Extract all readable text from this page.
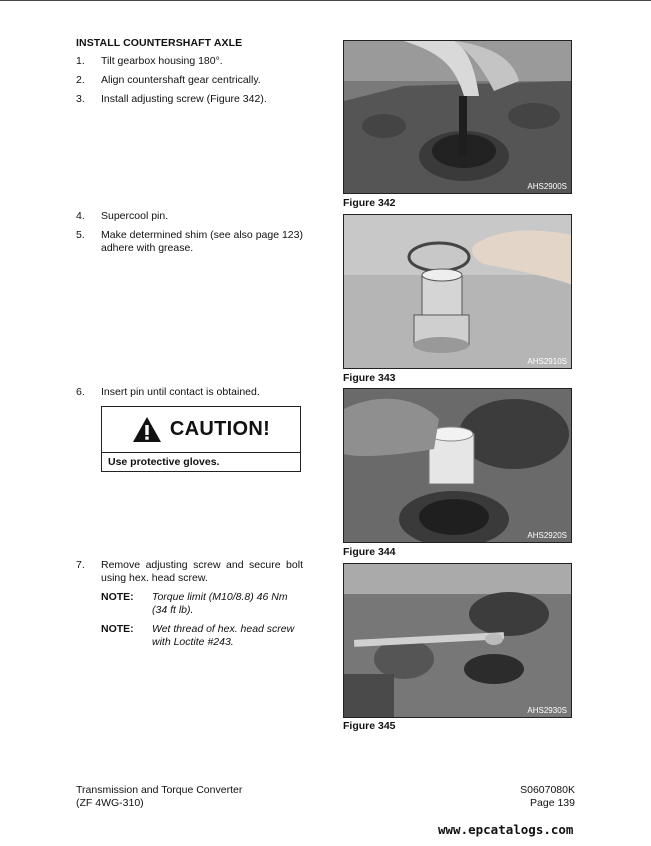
INSTALL COUNTERSHAFT AXLE
1. Tilt gearbox housing 180°.
2. Align countershaft gear centrically.
3. Install adjusting screw (Figure 342).
4. Supercool pin.
5. Make determined shim (see also page 123) adhere with grease.
6. Insert pin until contact is obtained.
7. Remove adjusting screw and secure bolt using hex. head screw.
CAUTION!
Use protective gloves.
NOTE: Torque limit (M10/8.8) 46 Nm (34 ft lb).
NOTE: Wet thread of hex. head screw with Loctite #243.
AHS2900S
Figure 342
AHS2910S
Figure 343
AHS2920S
Figure 344
AHS2930S
Figure 345
Transmission and Torque Converter
(ZF 4WG-310)
S0607080K
Page 139
www.epcatalogs.com
